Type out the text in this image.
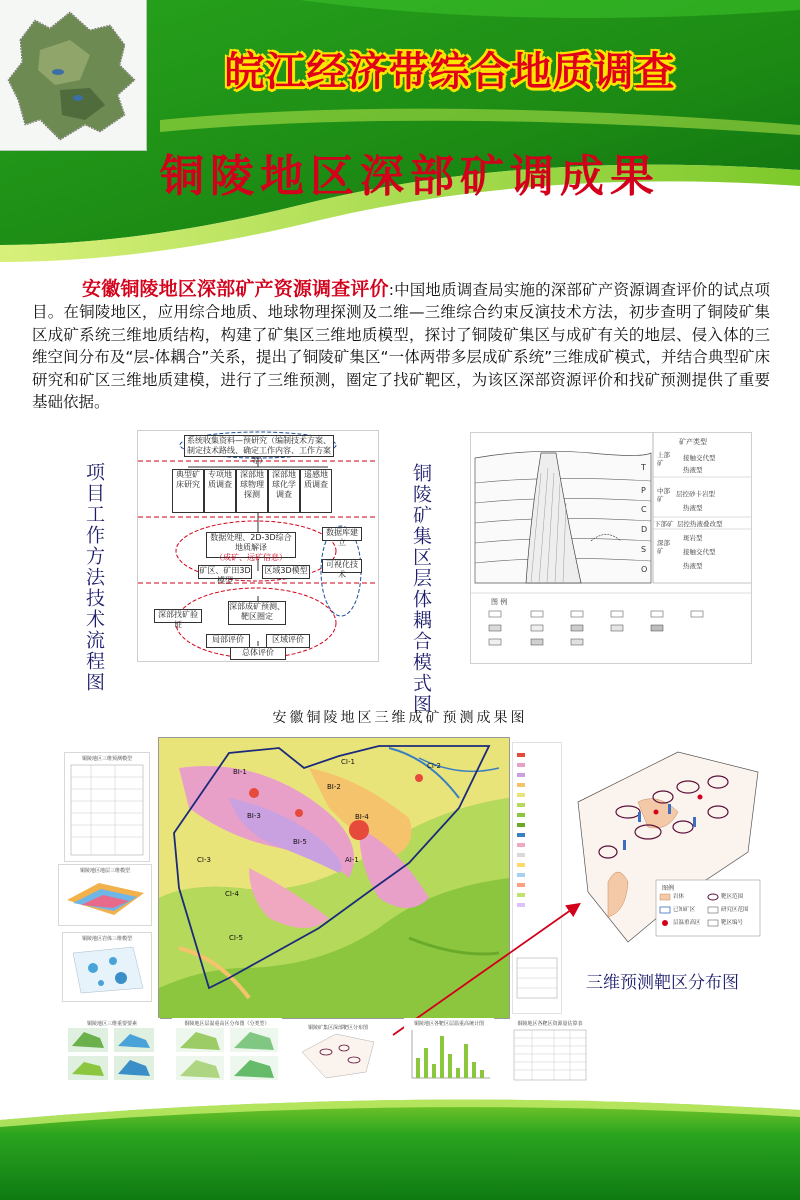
皖江经济带综合地质调查
铜陵地区深部矿调成果
安徽铜陵地区深部矿产资源调查评价:中国地质调查局实施的深部矿产资源调查评价的试点项目。在铜陵地区，应用综合地质、地球物理探测及二维—三维综合约束反演技术方法，初步查明了铜陵矿集区成矿系统三维地质结构，构建了矿集区三维地质模型，探讨了铜陵矿集区与成矿有关的地层、侵入体的三维空间分布及“层-体耦合”关系，提出了铜陵矿集区“一体两带多层成矿系统”三维成矿模式，并结合典型矿床研究和矿区三维地质建模，进行了三维预测，圈定了找矿靶区，为该区深部资源评价和找矿预测提供了重要基础依据。
项目工作方法技术流程图
系统收集资料—预研究（编制技术方案、制定技术路线、确定工作内容、工作方案等）
典型矿床研究
专项地质调查
深部地球物理探测
深部地球化学调查
遥感地质调查
数据处理、2D-3D综合地质解译
（成矿、远矿信息）
数据库建立
可视化技术
矿区、矿田3D模型
区域3D模型
深部找矿验证
深部成矿预测、靶区圈定
局部评价	区域评价
总体评价	铜陵矿集区层体耦合模式图
矿产类型
T
P
C
D
S
O
上部矿
接触交代型
热液型
中部矿
层控砂卡岩型
热液型
下部矿 层控热液叠改型
深部矿
斑岩型
接触交代型
热液型
图 例
安徽铜陵地区三维成矿预测成果图
BI-1
BI-2
CI-1	CI-2
BI-3
AI-1
CI-3
BI-4
CI-4
BI-5
CI-5
图例
岩体	靶区范围
已知矿区	研究区范围
层温重高区	靶区编号
三维预测靶区分布图
铜陵地区三维预测模型
铜陵地区地层三维模型
铜陵地区岩体三维模型
铜陵地区三维重要要素	铜陵地区层温重高区分布图（分类型）
铜陵矿集区深部靶区分布图
铜陵地区各靶区层温重高统计图	铜陵地区各靶区资源量估算表
